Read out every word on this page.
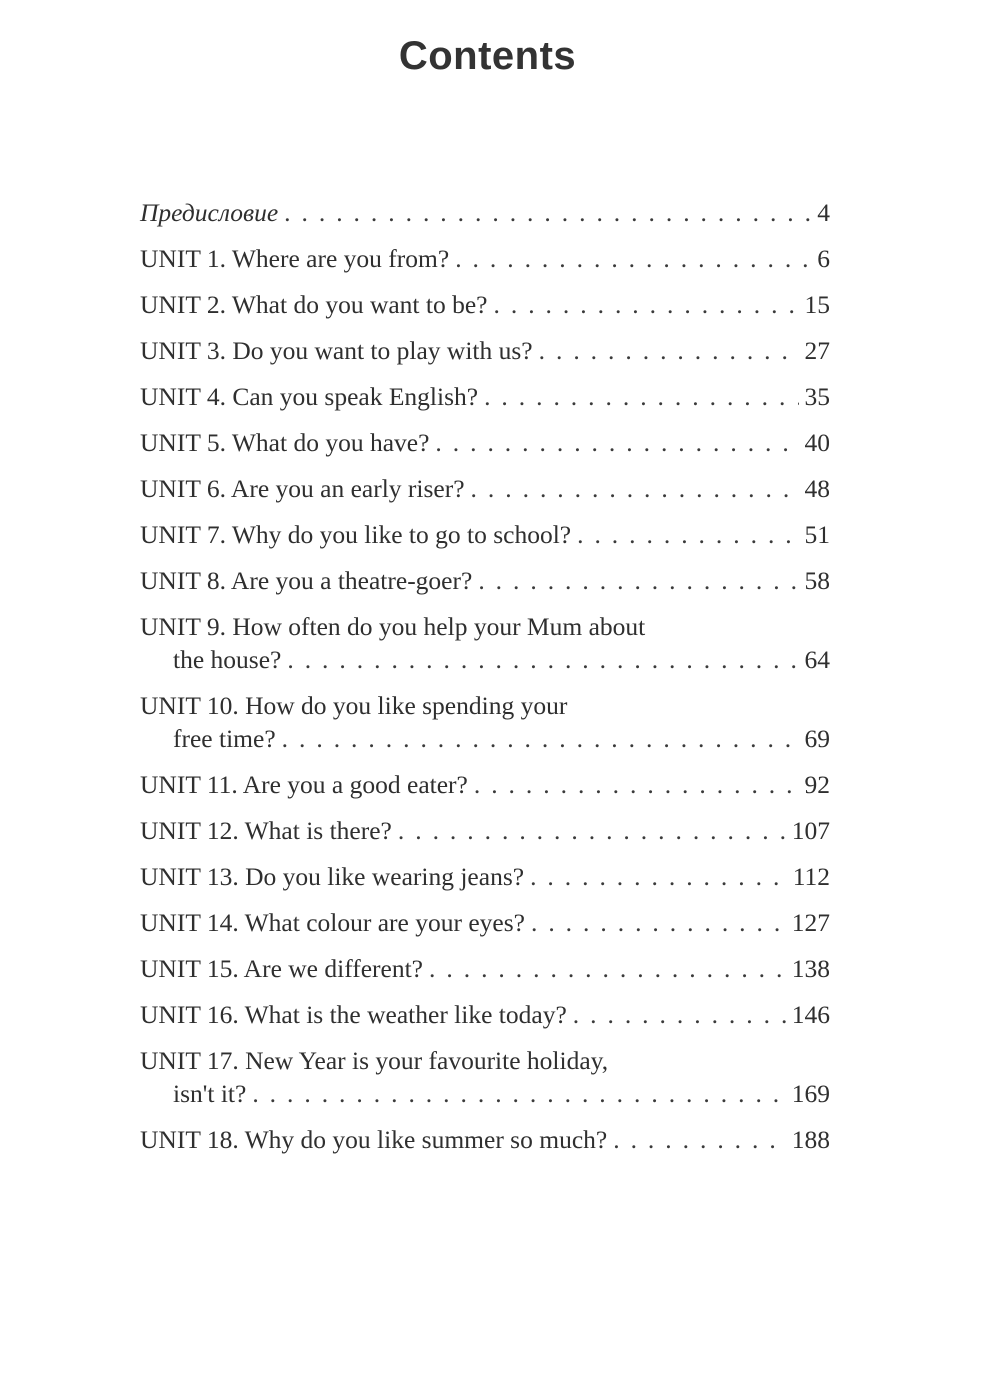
Contents
Предисловие . . .	4
UNIT 1. Where are you from? . . .	6
UNIT 2. What do you want to be? . . .	15
UNIT 3. Do you want to play with us? . . .	27
UNIT 4. Can you speak English? . . .	35
UNIT 5. What do you have? . . .	40
UNIT 6. Are you an early riser? . . .	48
UNIT 7. Why do you like to go to school? . . .	51
UNIT 8. Are you a theatre-goer? . . .	58
UNIT 9. How often do you help your Mum about
the house? . . .	64
UNIT 10. How do you like spending your
free time? . . .	69
UNIT 11. Are you a good eater? . . .	92
UNIT 12. What is there? . . .	107
UNIT 13. Do you like wearing jeans? . . .	112
UNIT 14. What colour are your eyes? . . .	127
UNIT 15. Are we different? . . .	138
UNIT 16. What is the weather like today? . . .	146
UNIT 17. New Year is your favourite holiday,
isn't it? . . .	169
UNIT 18. Why do you like summer so much? . . .	188
